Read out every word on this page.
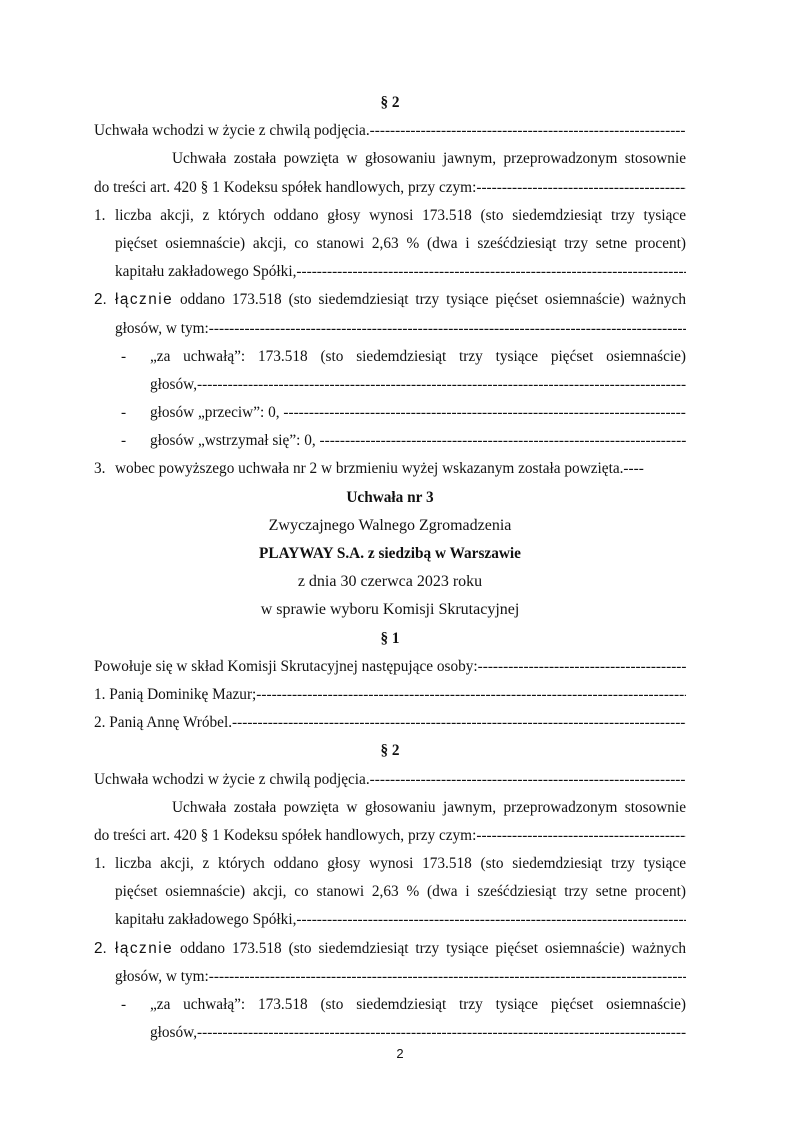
§ 2
Uchwała wchodzi w życie z chwilą podjęcia. -----
Uchwała została powzięta w głosowaniu jawnym, przeprowadzonym stosownie
do treści art. 420 § 1 Kodeksu spółek handlowych, przy czym: -----
1. liczba akcji, z których oddano głosy wynosi 173.518 (sto siedemdziesiąt trzy tysiące
pięćset osiemnaście) akcji, co stanowi 2,63 % (dwa i sześćdziesiąt trzy setne procent)
kapitału zakładowego Spółki, -----
2. łącznie oddano 173.518 (sto siedemdziesiąt trzy tysiące pięćset osiemnaście) ważnych
głosów, w tym: -----
- „za uchwałą”: 173.518 (sto siedemdziesiąt trzy tysiące pięćset osiemnaście)
głosów, -----
- głosów „przeciw”: 0, -----
- głosów „wstrzymał się”: 0, -----
3. wobec powyższego uchwała nr 2 w brzmieniu wyżej wskazanym została powzięta.----
Uchwała nr 3
Zwyczajnego Walnego Zgromadzenia
PLAYWAY S.A. z siedzibą w Warszawie
z dnia 30 czerwca 2023 roku
w sprawie wyboru Komisji Skrutacyjnej
§ 1
Powołuje się w skład Komisji Skrutacyjnej następujące osoby: -----
1. Panią Dominikę Mazur; -----
2. Panią Annę Wróbel. -----
§ 2
Uchwała wchodzi w życie z chwilą podjęcia. -----
Uchwała została powzięta w głosowaniu jawnym, przeprowadzonym stosownie
do treści art. 420 § 1 Kodeksu spółek handlowych, przy czym: -----
1. liczba akcji, z których oddano głosy wynosi 173.518 (sto siedemdziesiąt trzy tysiące
pięćset osiemnaście) akcji, co stanowi 2,63 % (dwa i sześćdziesiąt trzy setne procent)
kapitału zakładowego Spółki, -----
2. łącznie oddano 173.518 (sto siedemdziesiąt trzy tysiące pięćset osiemnaście) ważnych
głosów, w tym: -----
- „za uchwałą”: 173.518 (sto siedemdziesiąt trzy tysiące pięćset osiemnaście)
głosów, -----
2
